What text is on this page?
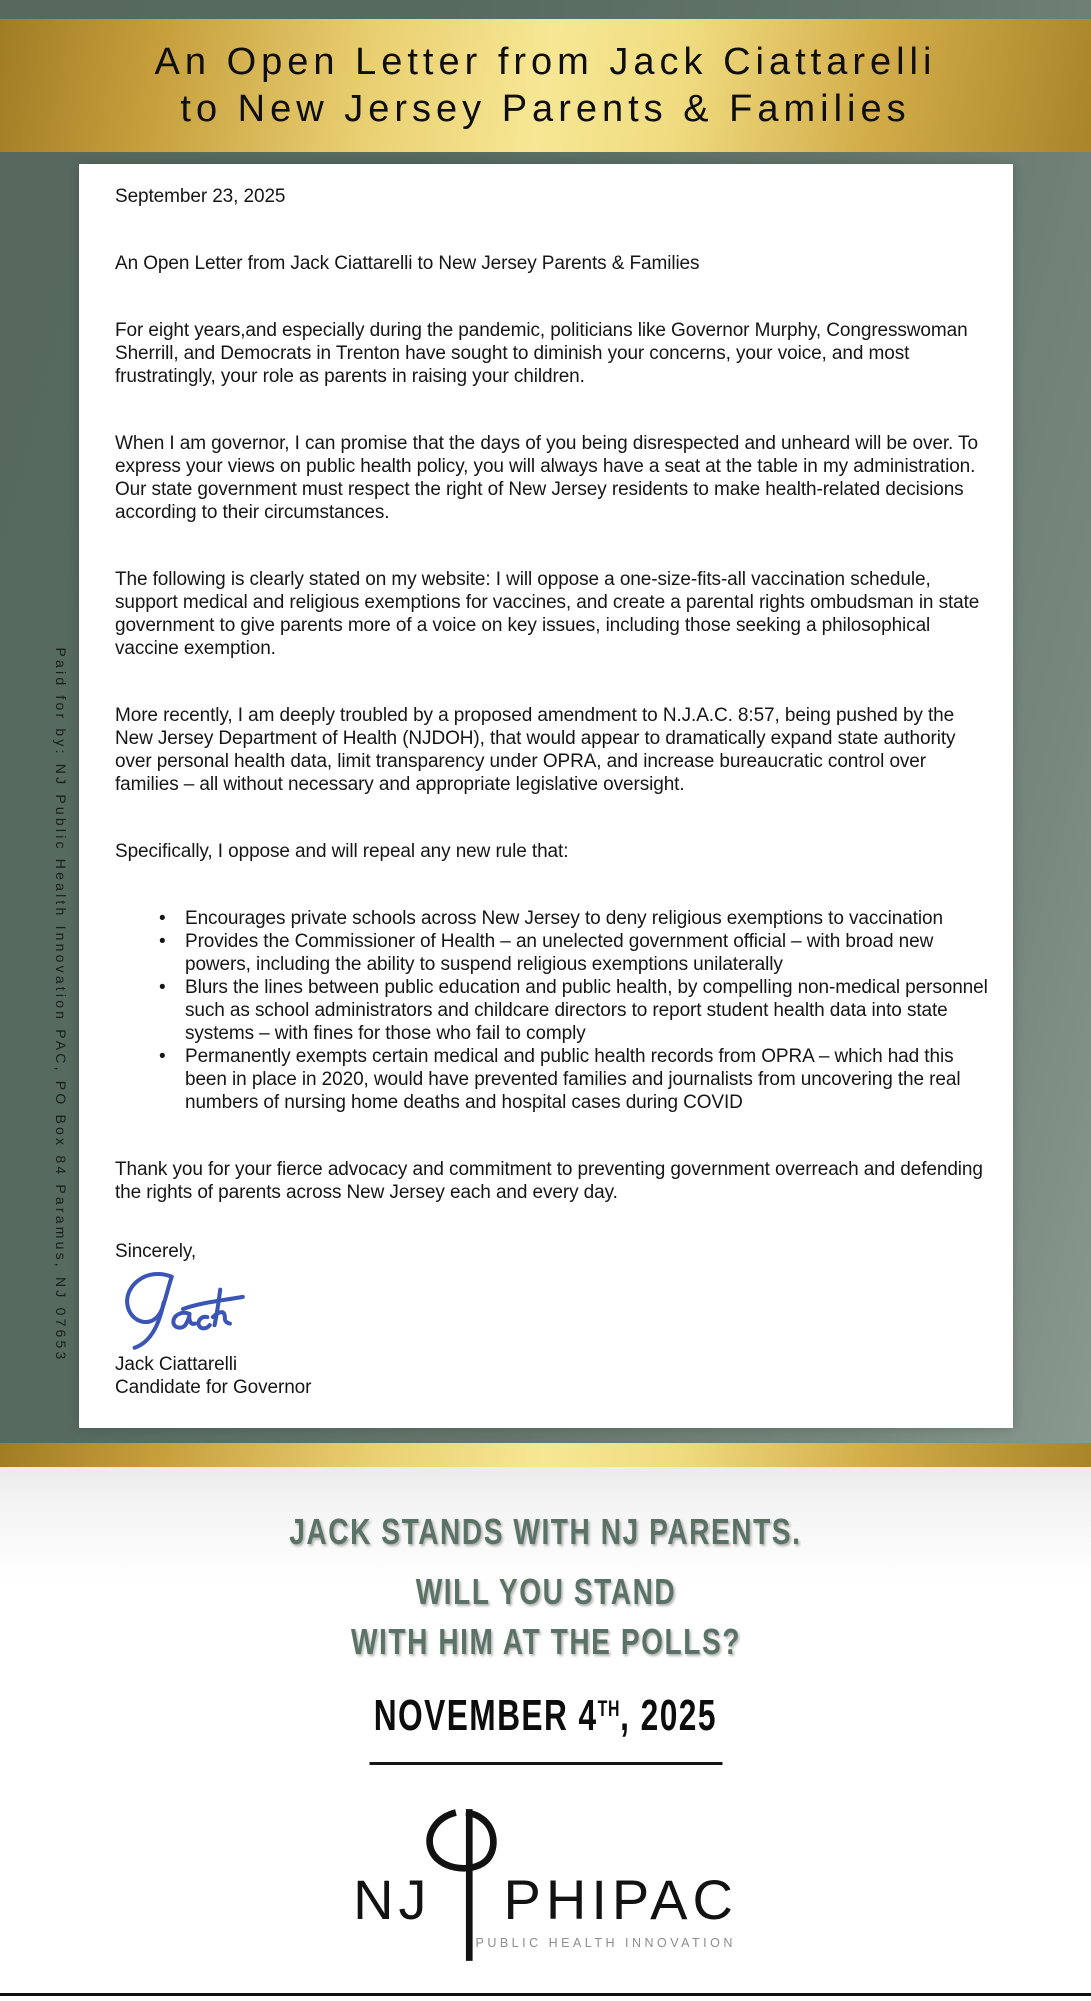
An Open Letter from Jack Ciattarelli
to New Jersey Parents & Families
Paid for by: NJ Public Health Innovation PAC, PO Box 84 Paramus, NJ 07653

September 23, 2025

An Open Letter from Jack Ciattarelli to New Jersey Parents & Families

For eight years,and especially during the pandemic, politicians like Governor Murphy, Congresswoman Sherrill, and Democrats in Trenton have sought to diminish your concerns, your voice, and most frustratingly, your role as parents in raising your children.

When I am governor, I can promise that the days of you being disrespected and unheard will be over. To express your views on public health policy, you will always have a seat at the table in my administration. Our state government must respect the right of New Jersey residents to make health-related decisions according to their circumstances.

The following is clearly stated on my website: I will oppose a one-size-fits-all vaccination schedule, support medical and religious exemptions for vaccines, and create a parental rights ombudsman in state government to give parents more of a voice on key issues, including those seeking a philosophical vaccine exemption.

More recently, I am deeply troubled by a proposed amendment to N.J.A.C. 8:57, being pushed by the New Jersey Department of Health (NJDOH), that would appear to dramatically expand state authority over personal health data, limit transparency under OPRA, and increase bureaucratic control over families – all without necessary and appropriate legislative oversight.

Specifically, I oppose and will repeal any new rule that:

• Encourages private schools across New Jersey to deny religious exemptions to vaccination
• Provides the Commissioner of Health – an unelected government official – with broad new powers, including the ability to suspend religious exemptions unilaterally
• Blurs the lines between public education and public health, by compelling non-medical personnel such as school administrators and childcare directors to report student health data into state systems – with fines for those who fail to comply
• Permanently exempts certain medical and public health records from OPRA – which had this been in place in 2020, would have prevented families and journalists from uncovering the real numbers of nursing home deaths and hospital cases during COVID

Thank you for your fierce advocacy and commitment to preventing government overreach and defending the rights of parents across New Jersey each and every day.

Sincerely,

Jack Ciattarelli

Candidate for Governor

JACK STANDS WITH NJ PARENTS.
WILL YOU STAND
WITH HIM AT THE POLLS?
NOVEMBER 4TH, 2025
NJ PHIPAC
PUBLIC HEALTH INNOVATION
